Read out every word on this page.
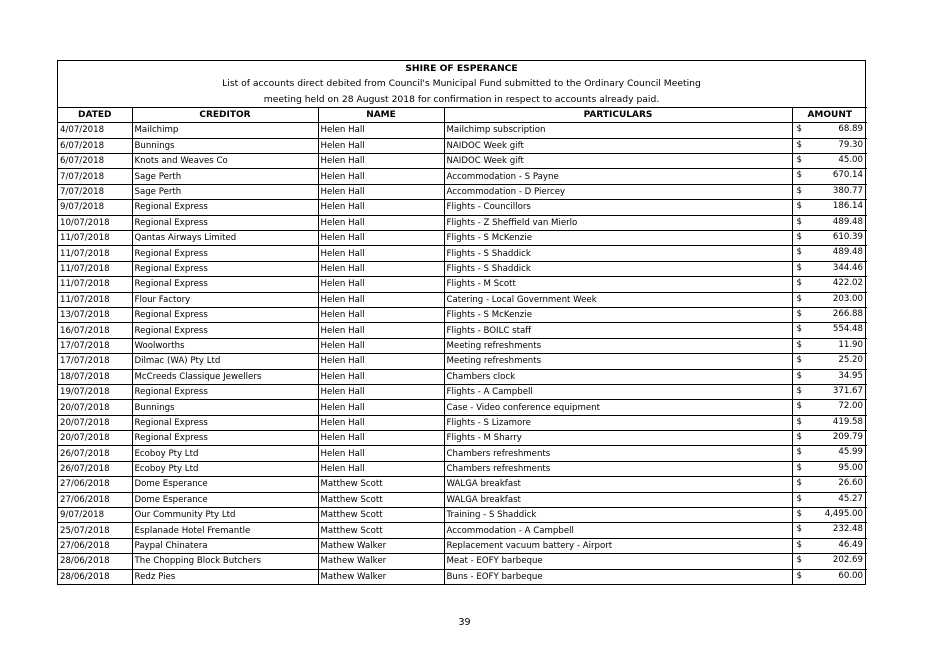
SHIRE OF ESPERANCE
List of accounts direct debited from Council's Municipal Fund submitted to the Ordinary Council Meeting
meeting held on 28 August 2018 for confirmation in respect to accounts already paid.
DATED	CREDITOR	NAME	PARTICULARS	AMOUNT
4/07/2018	Mailchimp	Helen Hall	Mailchimp subscription	$ 68.89

6/07/2018	Bunnings	Helen Hall	NAIDOC Week gift	$ 79.30

6/07/2018	Knots and Weaves Co	Helen Hall	NAIDOC Week gift	$ 45.00

7/07/2018	Sage Perth	Helen Hall	Accommodation - S Payne	$ 670.14

7/07/2018	Sage Perth	Helen Hall	Accommodation - D Piercey	$ 380.77

9/07/2018	Regional Express	Helen Hall	Flights - Councillors	$ 186.14

10/07/2018	Regional Express	Helen Hall	Flights - Z Sheffield van Mierlo	$ 489.48

11/07/2018	Qantas Airways Limited	Helen Hall	Flights - S McKenzie	$ 610.39

11/07/2018	Regional Express	Helen Hall	Flights - S Shaddick	$ 489.48

11/07/2018	Regional Express	Helen Hall	Flights - S Shaddick	$ 344.46

11/07/2018	Regional Express	Helen Hall	Flights - M Scott	$ 422.02

11/07/2018	Flour Factory	Helen Hall	Catering - Local Government Week	$ 203.00

13/07/2018	Regional Express	Helen Hall	Flights - S McKenzie	$ 266.88

16/07/2018	Regional Express	Helen Hall	Flights - BOILC staff	$ 554.48

17/07/2018	Woolworths	Helen Hall	Meeting refreshments	$ 11.90

17/07/2018	Dilmac (WA) Pty Ltd	Helen Hall	Meeting refreshments	$ 25.20

18/07/2018	McCreeds Classique Jewellers	Helen Hall	Chambers clock	$ 34.95

19/07/2018	Regional Express	Helen Hall	Flights - A Campbell	$ 371.67

20/07/2018	Bunnings	Helen Hall	Case - Video conference equipment	$ 72.00

20/07/2018	Regional Express	Helen Hall	Flights - S Lizamore	$ 419.58

20/07/2018	Regional Express	Helen Hall	Flights - M Sharry	$ 209.79

26/07/2018	Ecoboy Pty Ltd	Helen Hall	Chambers refreshments	$ 45.99

26/07/2018	Ecoboy Pty Ltd	Helen Hall	Chambers refreshments	$ 95.00

27/06/2018	Dome Esperance	Matthew Scott	WALGA breakfast	$ 26.60

27/06/2018	Dome Esperance	Matthew Scott	WALGA breakfast	$ 45.27

9/07/2018	Our Community Pty Ltd	Matthew Scott	Training - S Shaddick	$ 4,495.00

25/07/2018	Esplanade Hotel Fremantle	Matthew Scott	Accommodation - A Campbell	$ 232.48

27/06/2018	Paypal Chinatera	Mathew Walker	Replacement vacuum battery - Airport	$ 46.49

28/06/2018	The Chopping Block Butchers	Mathew Walker	Meat - EOFY barbeque	$ 202.69

28/06/2018	Redz Pies	Mathew Walker	Buns - EOFY barbeque	$ 60.00
39
